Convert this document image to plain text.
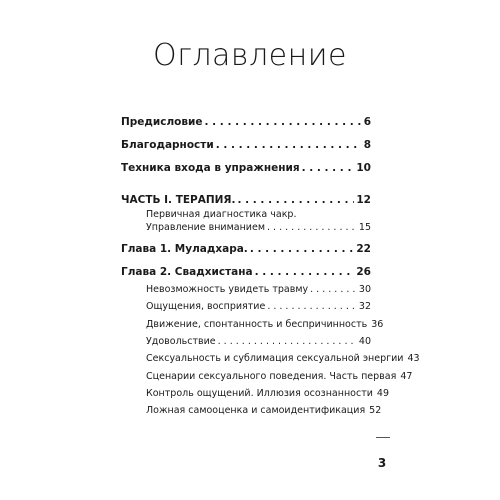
Оглавление
Предисловие . . .	6
Благодарности . . .	8
Техника входа в упражнения . . .	10
ЧАСТЬ I. ТЕРАПИЯ. . . .	12
Первичная диагностика чакр.
Управление вниманием . . .	15
Глава 1. Муладхара. . . .	22
Глава 2. Свадхистана . . .	26
Невозможность увидеть травму . . .	30
Ощущения, восприятие . . .	32
Движение, спонтанность и беспричинность 36
Удовольствие . . .	40
Сексуальность и сублимация сексуальной энергии 43
Сценарии сексуального поведения. Часть первая 47
Контроль ощущений. Иллюзия осознанности 49
Ложная самооценка и самоидентификация 52
3
